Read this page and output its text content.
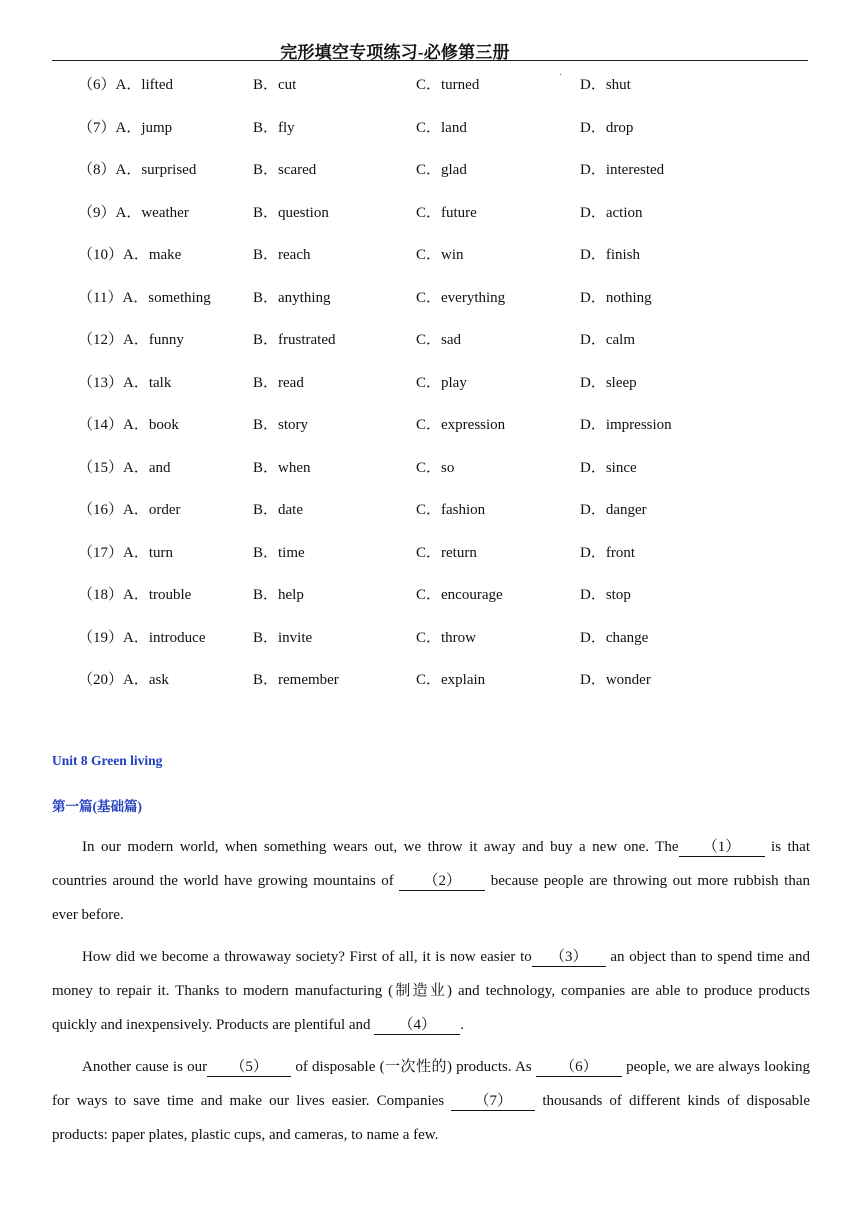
完形填空专项练习-必修第三册
·
（6）A．lifted	B．cut	C．turned	D．shut
（7）A．jump	B．fly	C．land	D．drop
（8）A．surprised	B．scared	C．glad	D．interested
（9）A．weather	B．question	C．future	D．action
（10）A．make	B．reach	C．win	D．finish
（11）A．something	B．anything	C．everything	D．nothing
（12）A．funny	B．frustrated	C．sad	D．calm
（13）A．talk	B．read	C．play	D．sleep
（14）A．book	B．story	C．expression	D．impression
（15）A．and	B．when	C．so	D．since
（16）A．order	B．date	C．fashion	D．danger
（17）A．turn	B．time	C．return	D．front
（18）A．trouble	B．help	C．encourage	D．stop
（19）A．introduce	B．invite	C．throw	D．change
（20）A．ask	B．remember	C．explain	D．wonder
Unit 8 Green living
第一篇(基础篇)
In our modern world, when something wears out, we throw it away and buy a new one. The （1） is that countries around the world have growing mountains of （2） because people are throwing out more rubbish than ever before.
How did we become a throwaway society? First of all, it is now easier to （3） an object than to spend time and money to repair it. Thanks to modern manufacturing (制造业) and technology, companies are able to produce products quickly and inexpensively. Products are plentiful and （4） .
Another cause is our （5） of disposable (一次性的) products. As （6） people, we are always looking for ways to save time and make our lives easier. Companies （7） thousands of different kinds of disposable products: paper plates, plastic cups, and cameras, to name a few.
